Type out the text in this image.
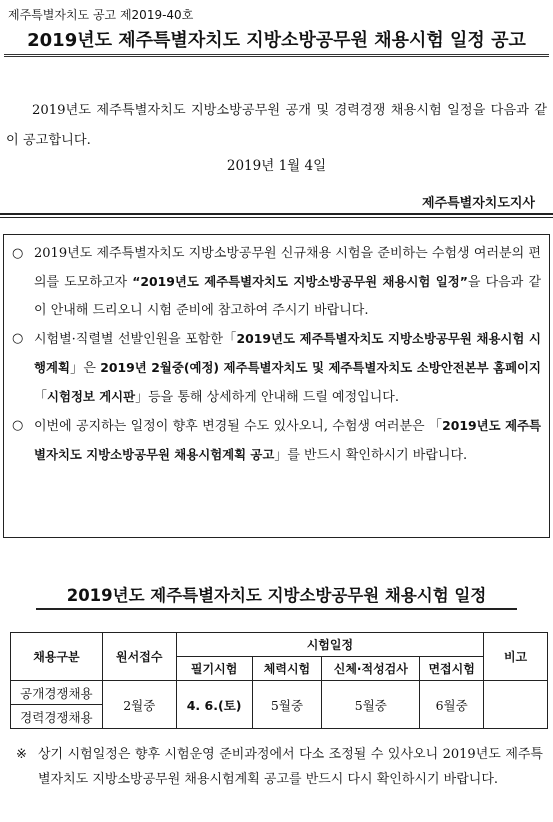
제주특별자치도 공고 제2019-40호
2019년도 제주특별자치도 지방소방공무원 채용시험 일정 공고
2019년도 제주특별자치도 지방소방공무원 공개 및 경력경쟁 채용시험 일정을 다음과 같이 공고합니다.
2019년 1월 4일
제주특별자치도지사
○ 2019년도 제주특별자치도 지방소방공무원 신규채용 시험을 준비하는 수험생 여러분의 편의를 도모하고자 “2019년도 제주특별자치도 지방소방공무원 채용시험 일정”을 다음과 같이 안내해 드리오니 시험 준비에 참고하여 주시기 바랍니다.
○ 시험별·직렬별 선발인원을 포함한「2019년도 제주특별자치도 지방소방공무원 채용시험 시행계획」은 2019년 2월중(예정) 제주특별자치도 및 제주특별자치도 소방안전본부 홈페이지「시험정보 게시판」등을 통해 상세하게 안내해 드릴 예정입니다.
○ 이번에 공지하는 일정이 향후 변경될 수도 있사오니, 수험생 여러분은 「2019년도 제주특별자치도 지방소방공무원 채용시험계획 공고」를 반드시 확인하시기 바랍니다.
2019년도 제주특별자치도 지방소방공무원 채용시험 일정
채용구분	원서접수	시험일정				비고
		필기시험	체력시험	신체·적성검사	면접시험	
공개경쟁채용	2월중	4. 6.(토)	5월중	5월중	6월중	
경력경쟁채용						
※ 상기 시험일정은 향후 시험운영 준비과정에서 다소 조정될 수 있사오니 2019년도 제주특별자치도 지방소방공무원 채용시험계획 공고를 반드시 다시 확인하시기 바랍니다.
